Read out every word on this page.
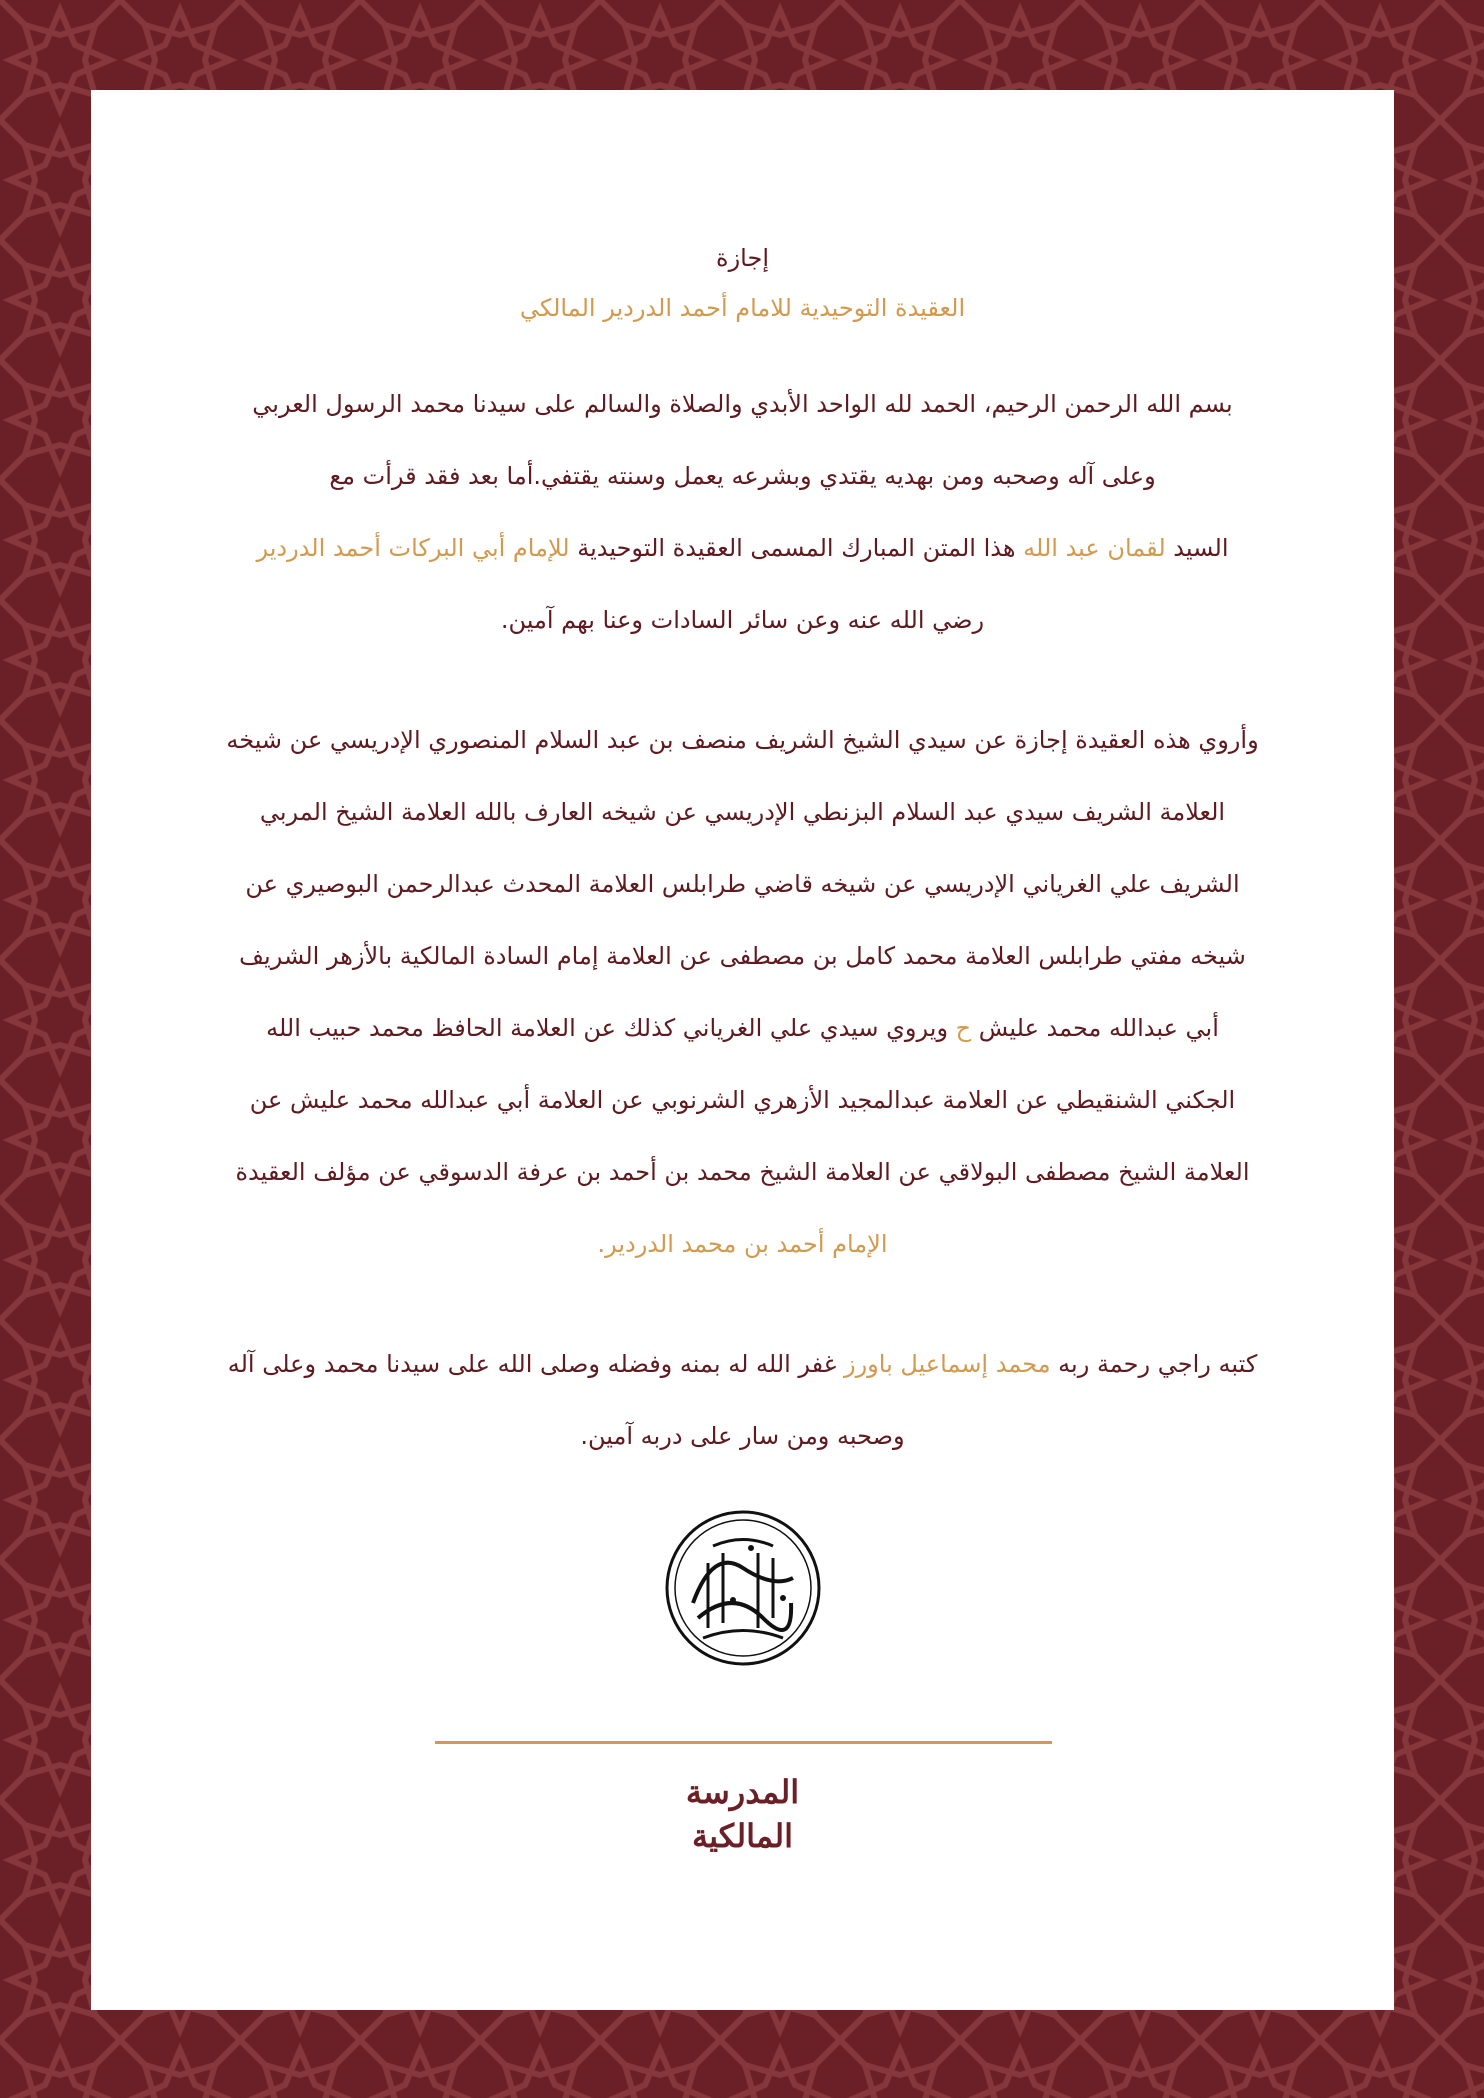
إجازة
العقيدة التوحيدية للامام أحمد الدردير المالكي
بسم الله الرحمن الرحيم، الحمد لله الواحد الأبدي والصلاة والسالم على سيدنا محمد الرسول العربي
وعلى آله وصحبه ومن بهديه يقتدي وبشرعه يعمل وسنته يقتفي.أما بعد فقد قرأت مع
السيد لقمان عبد الله هذا المتن المبارك المسمى العقيدة التوحيدية للإمام أبي البركات أحمد الدردير
رضي الله عنه وعن سائر السادات وعنا بهم آمين.
وأروي هذه العقيدة إجازة عن سيدي الشيخ الشريف منصف بن عبد السلام المنصوري الإدريسي عن شيخه
العلامة الشريف سيدي عبد السلام البزنطي الإدريسي عن شيخه العارف بالله العلامة الشيخ المربي
الشريف علي الغرياني الإدريسي عن شيخه قاضي طرابلس العلامة المحدث عبدالرحمن البوصيري عن
شيخه مفتي طرابلس العلامة محمد كامل بن مصطفى عن العلامة إمام السادة المالكية بالأزهر الشريف
أبي عبدالله محمد عليش ح ويروي سيدي علي الغرياني كذلك عن العلامة الحافظ محمد حبيب الله
الجكني الشنقيطي عن العلامة عبدالمجيد الأزهري الشرنوبي عن العلامة أبي عبدالله محمد عليش عن
العلامة الشيخ مصطفى البولاقي عن العلامة الشيخ محمد بن أحمد بن عرفة الدسوقي عن مؤلف العقيدة
الإمام أحمد بن محمد الدردير.
كتبه راجي رحمة ربه محمد إسماعيل باورز غفر الله له بمنه وفضله وصلى الله على سيدنا محمد وعلى آله
وصحبه ومن سار على دربه آمين.
المدرسة
المالكية
